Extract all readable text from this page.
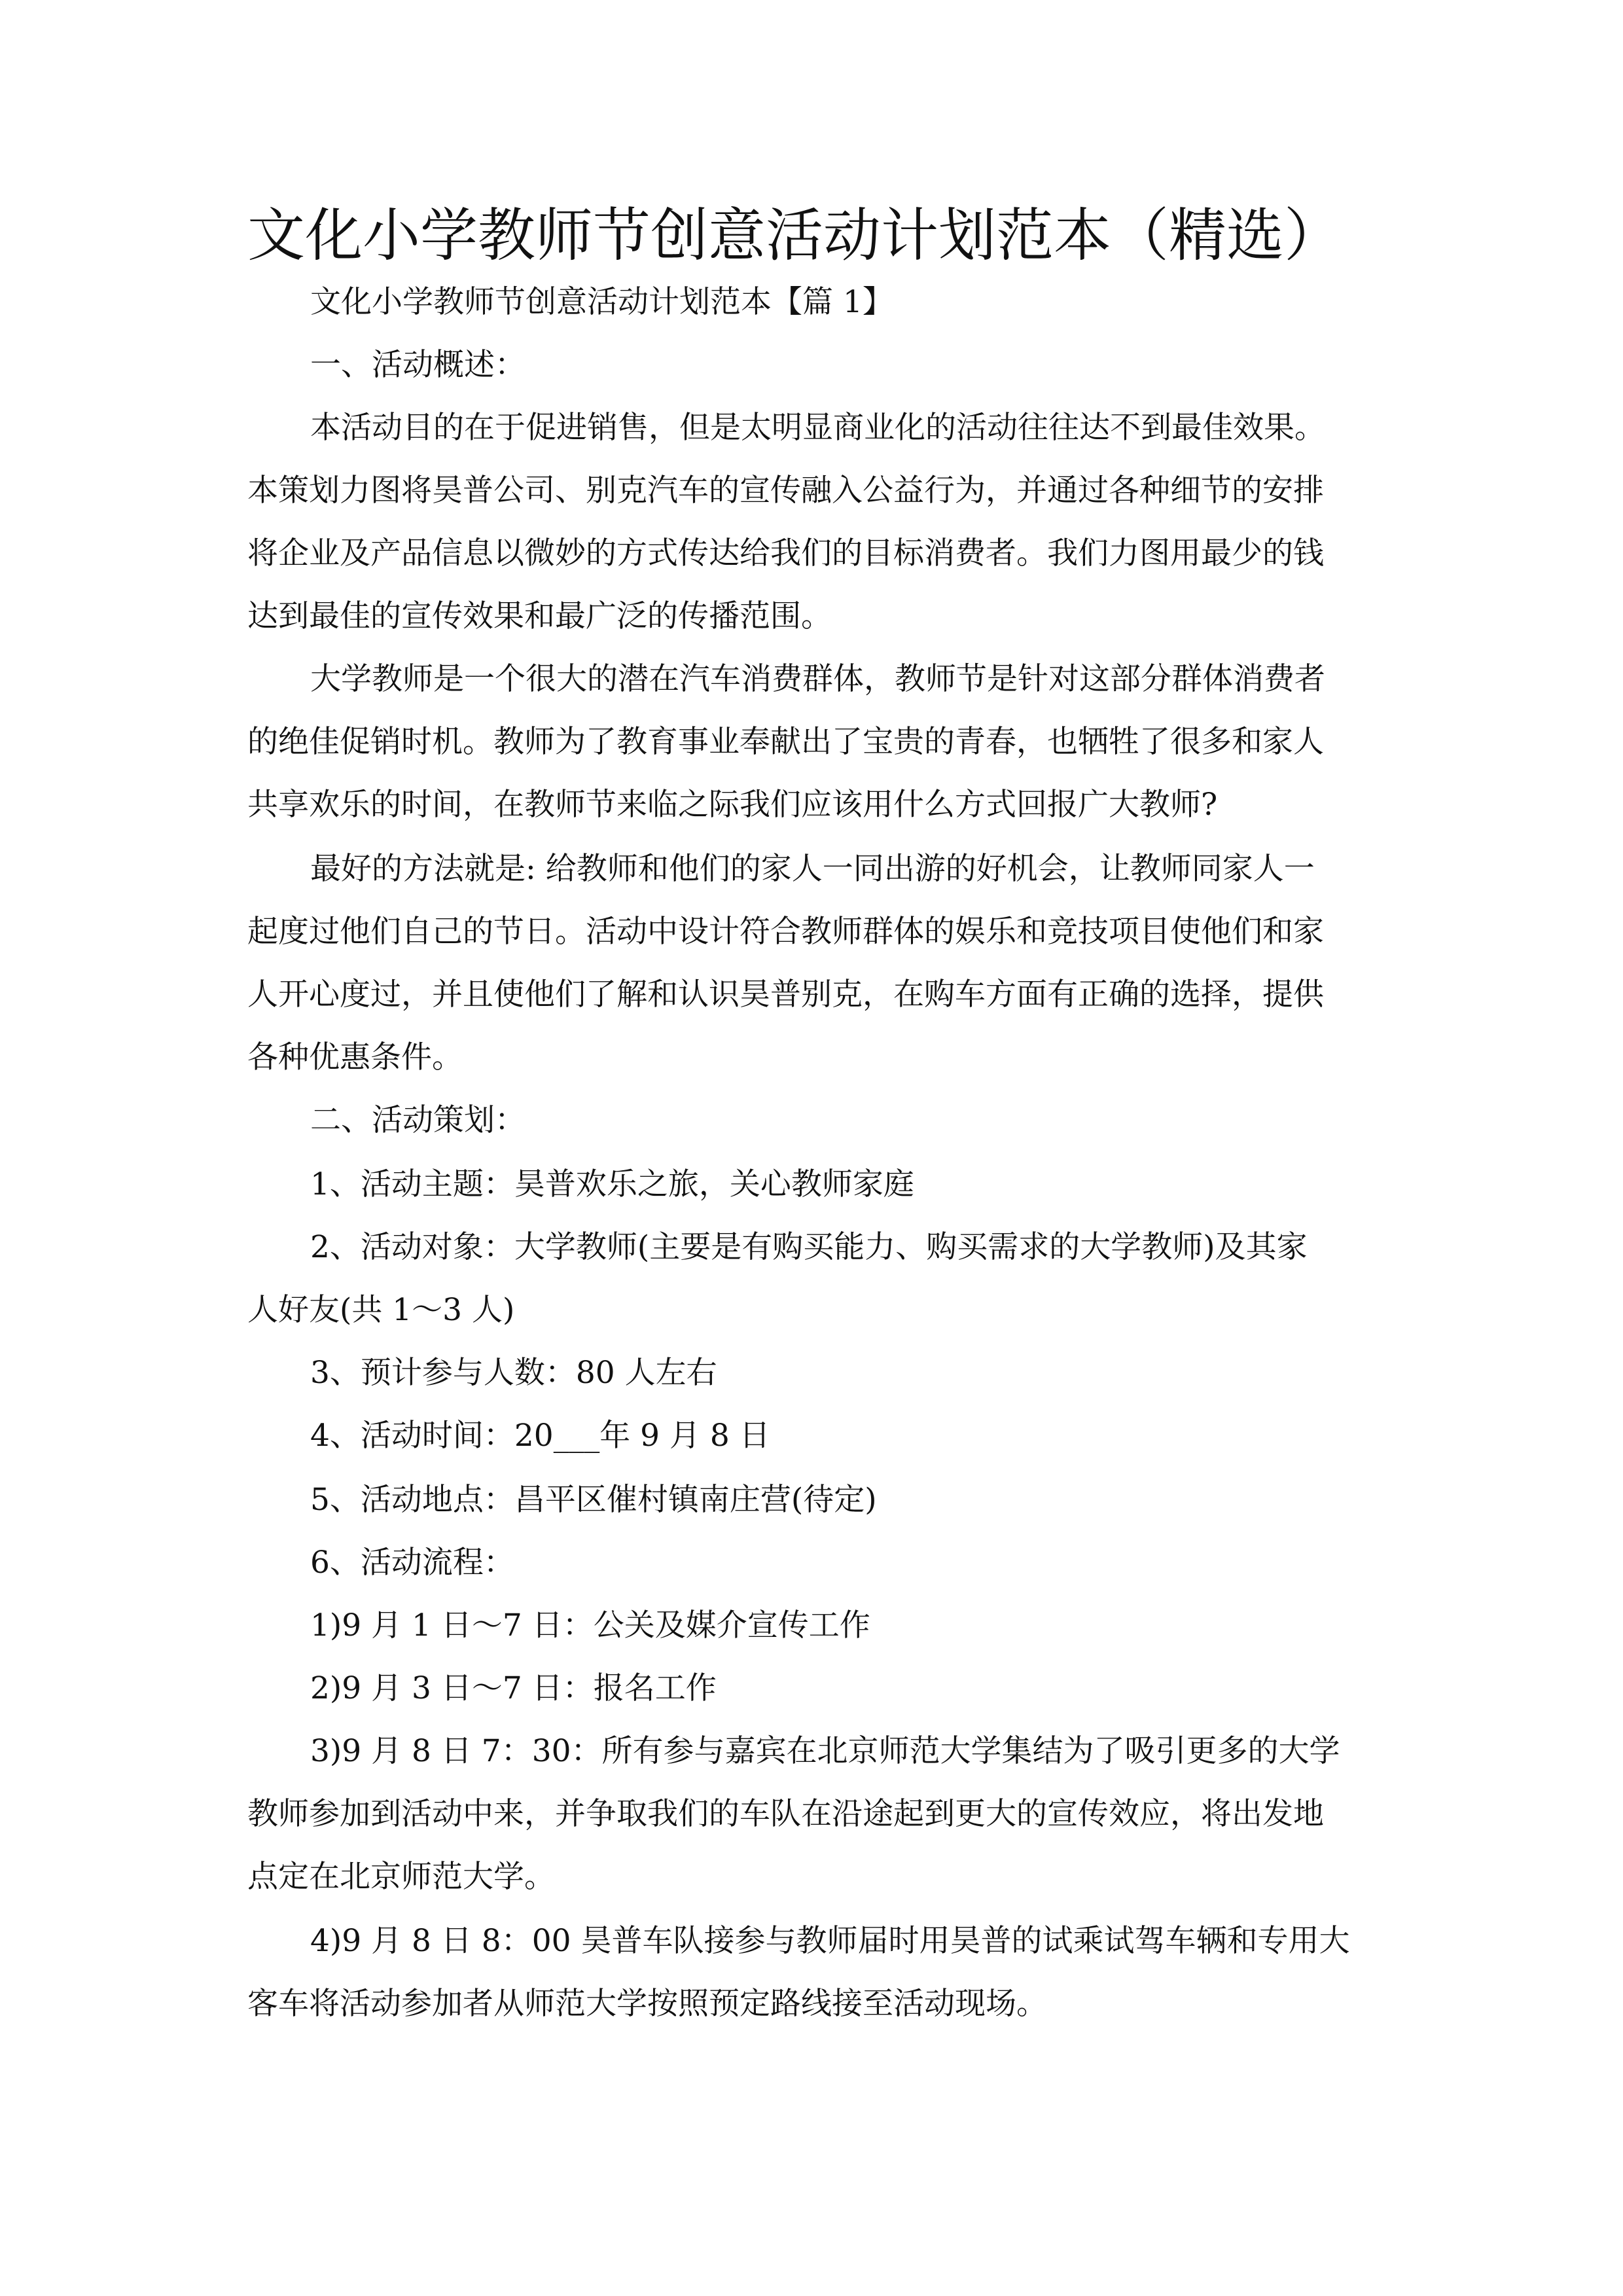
文化小学教师节创意活动计划范本（精选）

文化小学教师节创意活动计划范本【篇 1】

一、活动概述：

本活动目的在于促进销售，但是太明显商业化的活动往往达不到最佳效果。

本策划力图将昊普公司、别克汽车的宣传融入公益行为，并通过各种细节的安排

将企业及产品信息以微妙的方式传达给我们的目标消费者。我们力图用最少的钱

达到最佳的宣传效果和最广泛的传播范围。

大学教师是一个很大的潜在汽车消费群体，教师节是针对这部分群体消费者

的绝佳促销时机。教师为了教育事业奉献出了宝贵的青春，也牺牲了很多和家人

共享欢乐的时间，在教师节来临之际我们应该用什么方式回报广大教师?

最好的方法就是: 给教师和他们的家人一同出游的好机会，让教师同家人一

起度过他们自己的节日。活动中设计符合教师群体的娱乐和竞技项目使他们和家

人开心度过，并且使他们了解和认识昊普别克，在购车方面有正确的选择，提供

各种优惠条件。

二、活动策划：

1、活动主题：昊普欢乐之旅，关心教师家庭

2、活动对象：大学教师(主要是有购买能力、购买需求的大学教师)及其家

人好友(共 1～3 人)

3、预计参与人数：80 人左右

4、活动时间：20___年 9 月 8 日

5、活动地点：昌平区催村镇南庄营(待定)

6、活动流程：

1)9 月 1 日～7 日：公关及媒介宣传工作

2)9 月 3 日～7 日：报名工作

3)9 月 8 日 7：30：所有参与嘉宾在北京师范大学集结为了吸引更多的大学

教师参加到活动中来，并争取我们的车队在沿途起到更大的宣传效应，将出发地

点定在北京师范大学。

4)9 月 8 日 8：00 昊普车队接参与教师届时用昊普的试乘试驾车辆和专用大

客车将活动参加者从师范大学按照预定路线接至活动现场。
